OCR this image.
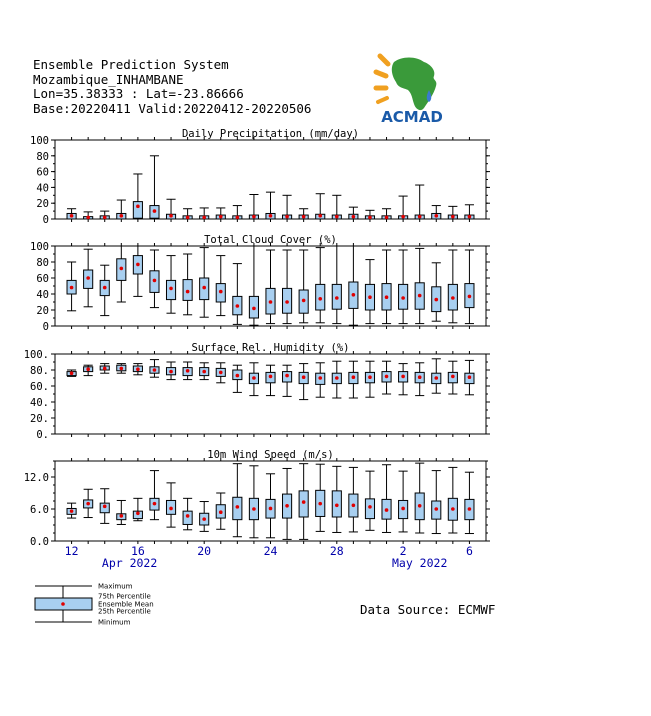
Ensemble Prediction System
Mozambique_INHAMBANE
Lon=35.38333 : Lat=-23.86666
Base:20220411 Valid:20220412-20220506	ACMAD
Daily Precipitation (mm/day)
0
20
40
60
80
100
Total Cloud Cover (%)
0
20
40
60
80
100
Surface Rel. Humidity (%)
0.
20.
40.
60.
80.
100.
10m Wind Speed (m/s)
0.0
6.0
12.0
12	16	20	24	28	2	6
Apr 2022	May 2022
Maximum
75th Percentile
Ensemble Mean
25th Percentile
Minimum
Data Source: ECMWF
